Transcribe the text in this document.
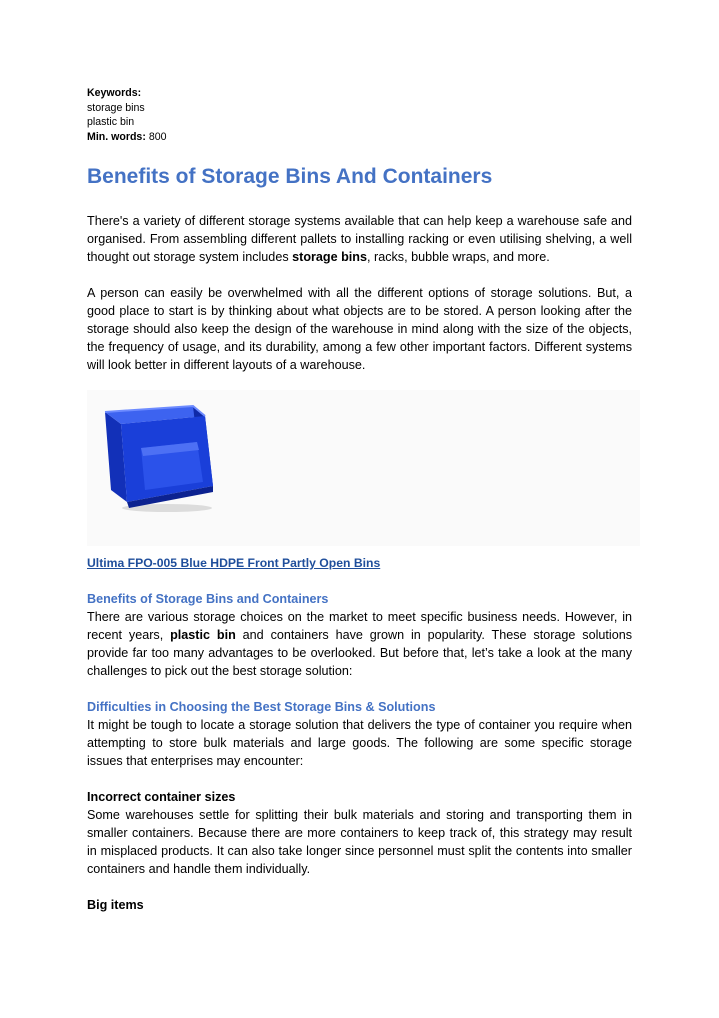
Keywords:
storage bins
plastic bin
Min. words: 800
Benefits of Storage Bins And Containers

There's a variety of different storage systems available that can help keep a warehouse safe and organised. From assembling different pallets to installing racking or even utilising shelving, a well thought out storage system includes storage bins, racks, bubble wraps, and more.

A person can easily be overwhelmed with all the different options of storage solutions. But, a good place to start is by thinking about what objects are to be stored. A person looking after the storage should also keep the design of the warehouse in mind along with the size of the objects, the frequency of usage, and its durability, among a few other important factors. Different systems will look better in different layouts of a warehouse.

Ultima FPO-005 Blue HDPE Front Partly Open Bins
Benefits of Storage Bins and Containers

There are various storage choices on the market to meet specific business needs. However, in recent years, plastic bin and containers have grown in popularity. These storage solutions provide far too many advantages to be overlooked. But before that, let’s take a look at the many challenges to pick out the best storage solution:

Difficulties in Choosing the Best Storage Bins & Solutions

It might be tough to locate a storage solution that delivers the type of container you require when attempting to store bulk materials and large goods. The following are some specific storage issues that enterprises may encounter:

Incorrect container sizes

Some warehouses settle for splitting their bulk materials and storing and transporting them in smaller containers. Because there are more containers to keep track of, this strategy may result in misplaced products. It can also take longer since personnel must split the contents into smaller containers and handle them individually.

Big items
